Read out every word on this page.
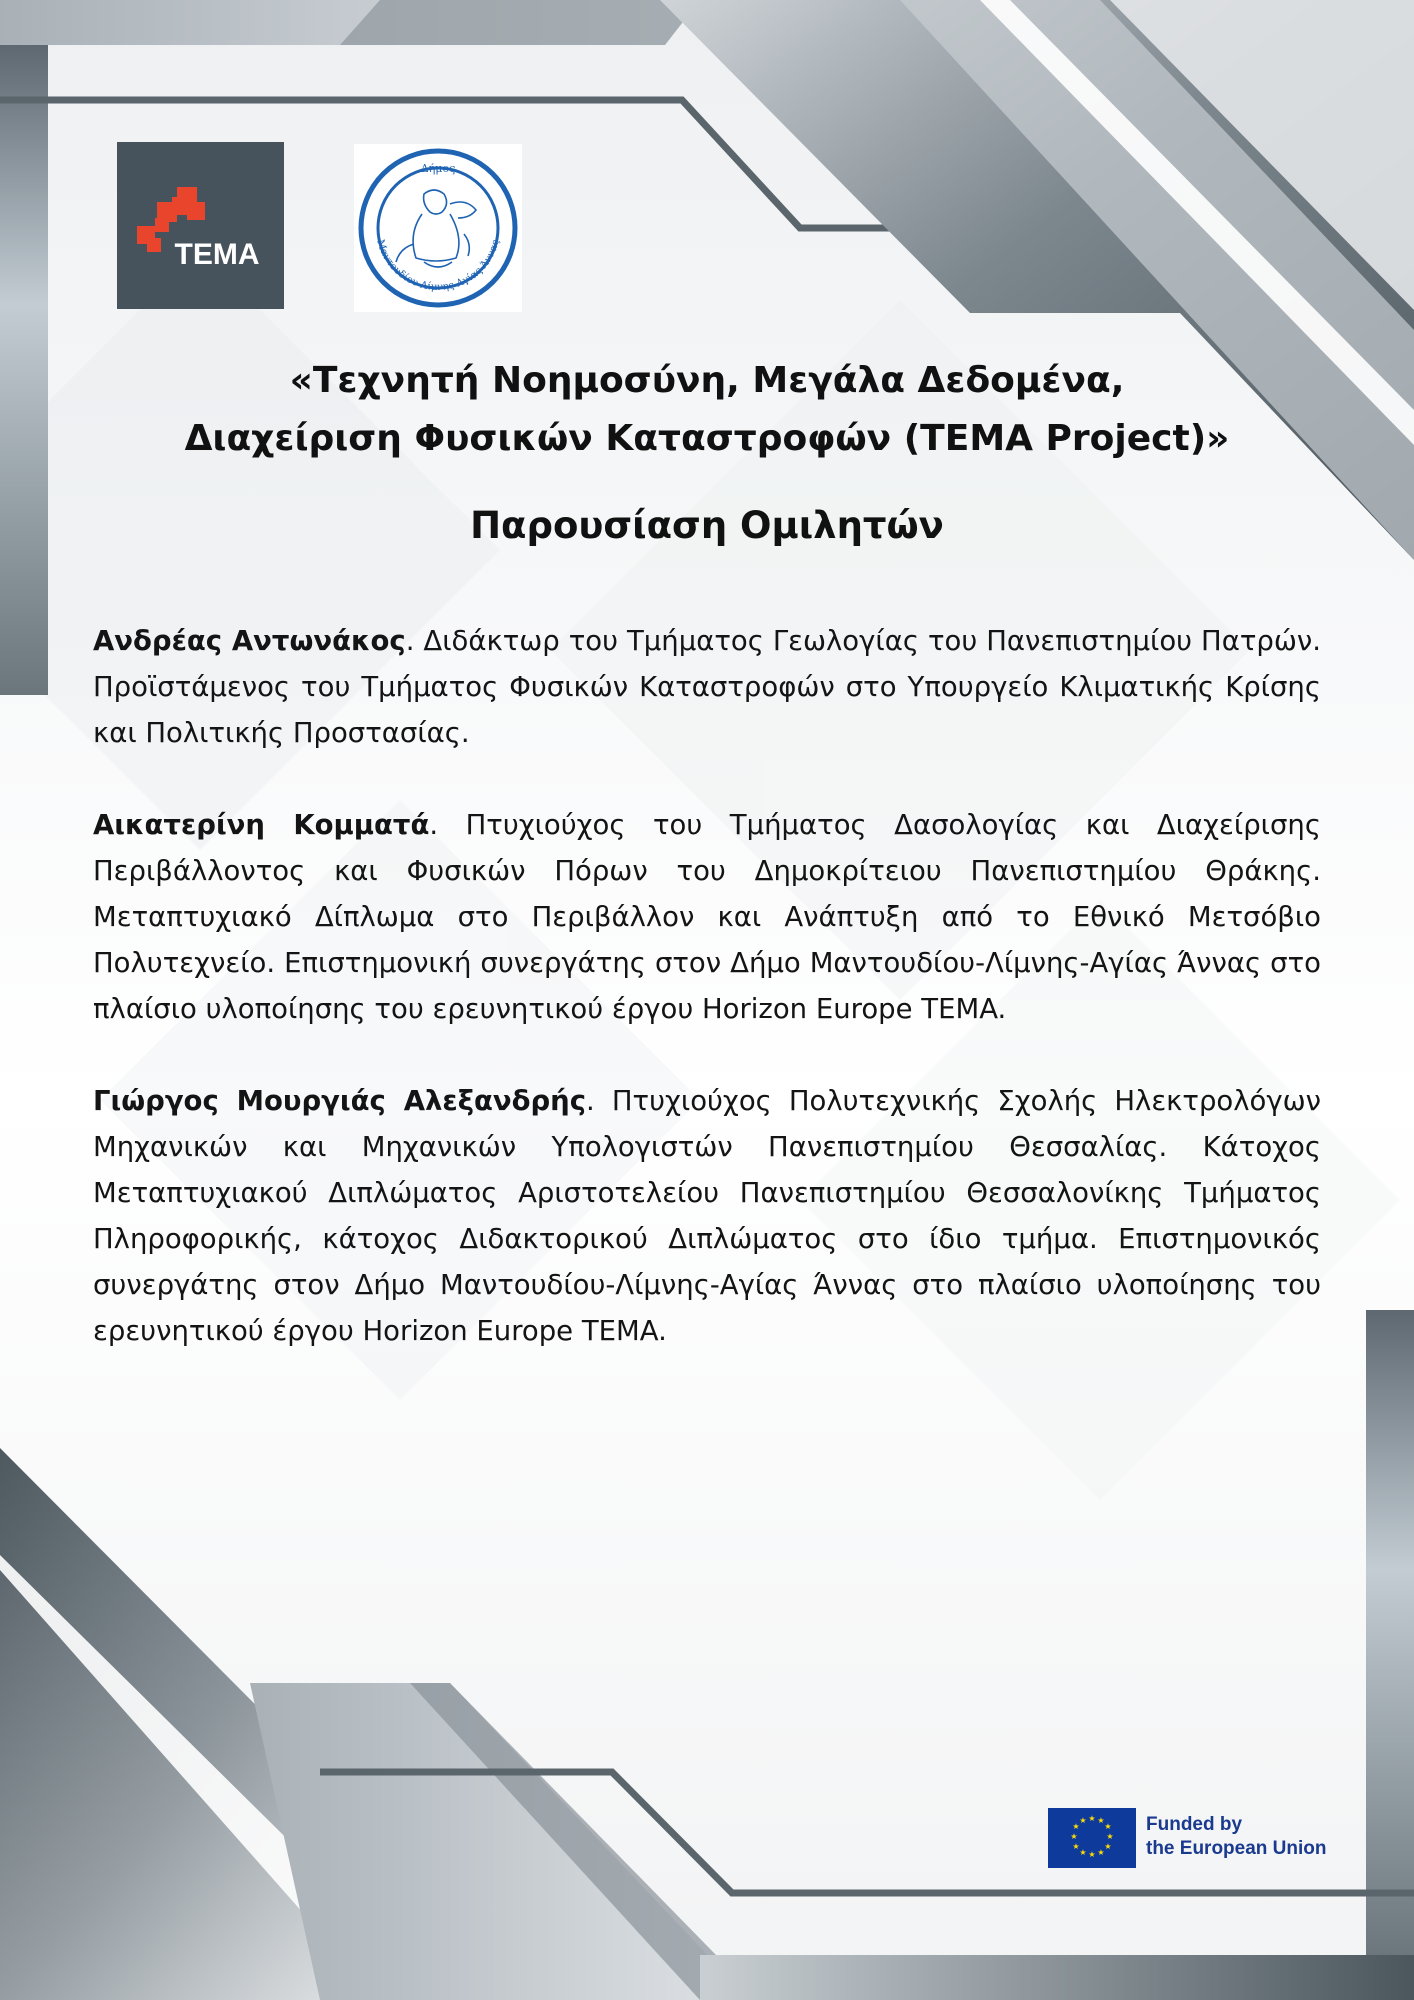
TEMA
Δήμος
Μαντουδίου Λίμνης Αγίας Άννας
«Τεχνητή Νοημοσύνη, Μεγάλα Δεδομένα,
Διαχείριση Φυσικών Καταστροφών (TEMA Project)»
Παρουσίαση Ομιλητών

Ανδρέας Αντωνάκος. Διδάκτωρ του Τμήματος Γεωλογίας του Πανεπιστημίου Πατρών. Προϊστάμενος του Τμήματος Φυσικών Καταστροφών στο Υπουργείο Κλιματικής Κρίσης και Πολιτικής Προστασίας.

Αικατερίνη Κομματά. Πτυχιούχος του Τμήματος Δασολογίας και Διαχείρισης Περιβάλλοντος και Φυσικών Πόρων του Δημοκρίτειου Πανεπιστημίου Θράκης. Μεταπτυχιακό Δίπλωμα στο Περιβάλλον και Ανάπτυξη από το Εθνικό Μετσόβιο Πολυτεχνείο. Επιστημονική συνεργάτης στον Δήμο Μαντουδίου-Λίμνης-Αγίας Άννας στο πλαίσιο υλοποίησης του ερευνητικού έργου Horizon Europe TEMA.

Γιώργος Μουργιάς Αλεξανδρής. Πτυχιούχος Πολυτεχνικής Σχολής Ηλεκτρολόγων Μηχανικών και Μηχανικών Υπολογιστών Πανεπιστημίου Θεσσαλίας. Κάτοχος Μεταπτυχιακού Διπλώματος Αριστοτελείου Πανεπιστημίου Θεσσαλονίκης Τμήματος Πληροφορικής, κάτοχος Διδακτορικού Διπλώματος στο ίδιο τμήμα. Επιστημονικός συνεργάτης στον Δήμο Μαντουδίου-Λίμνης-Αγίας Άννας στο πλαίσιο υλοποίησης του ερευνητικού έργου Horizon Europe TEMA.

★ ★
★
★
★
★
★
★
★
★
★
★	Funded by
the European Union
